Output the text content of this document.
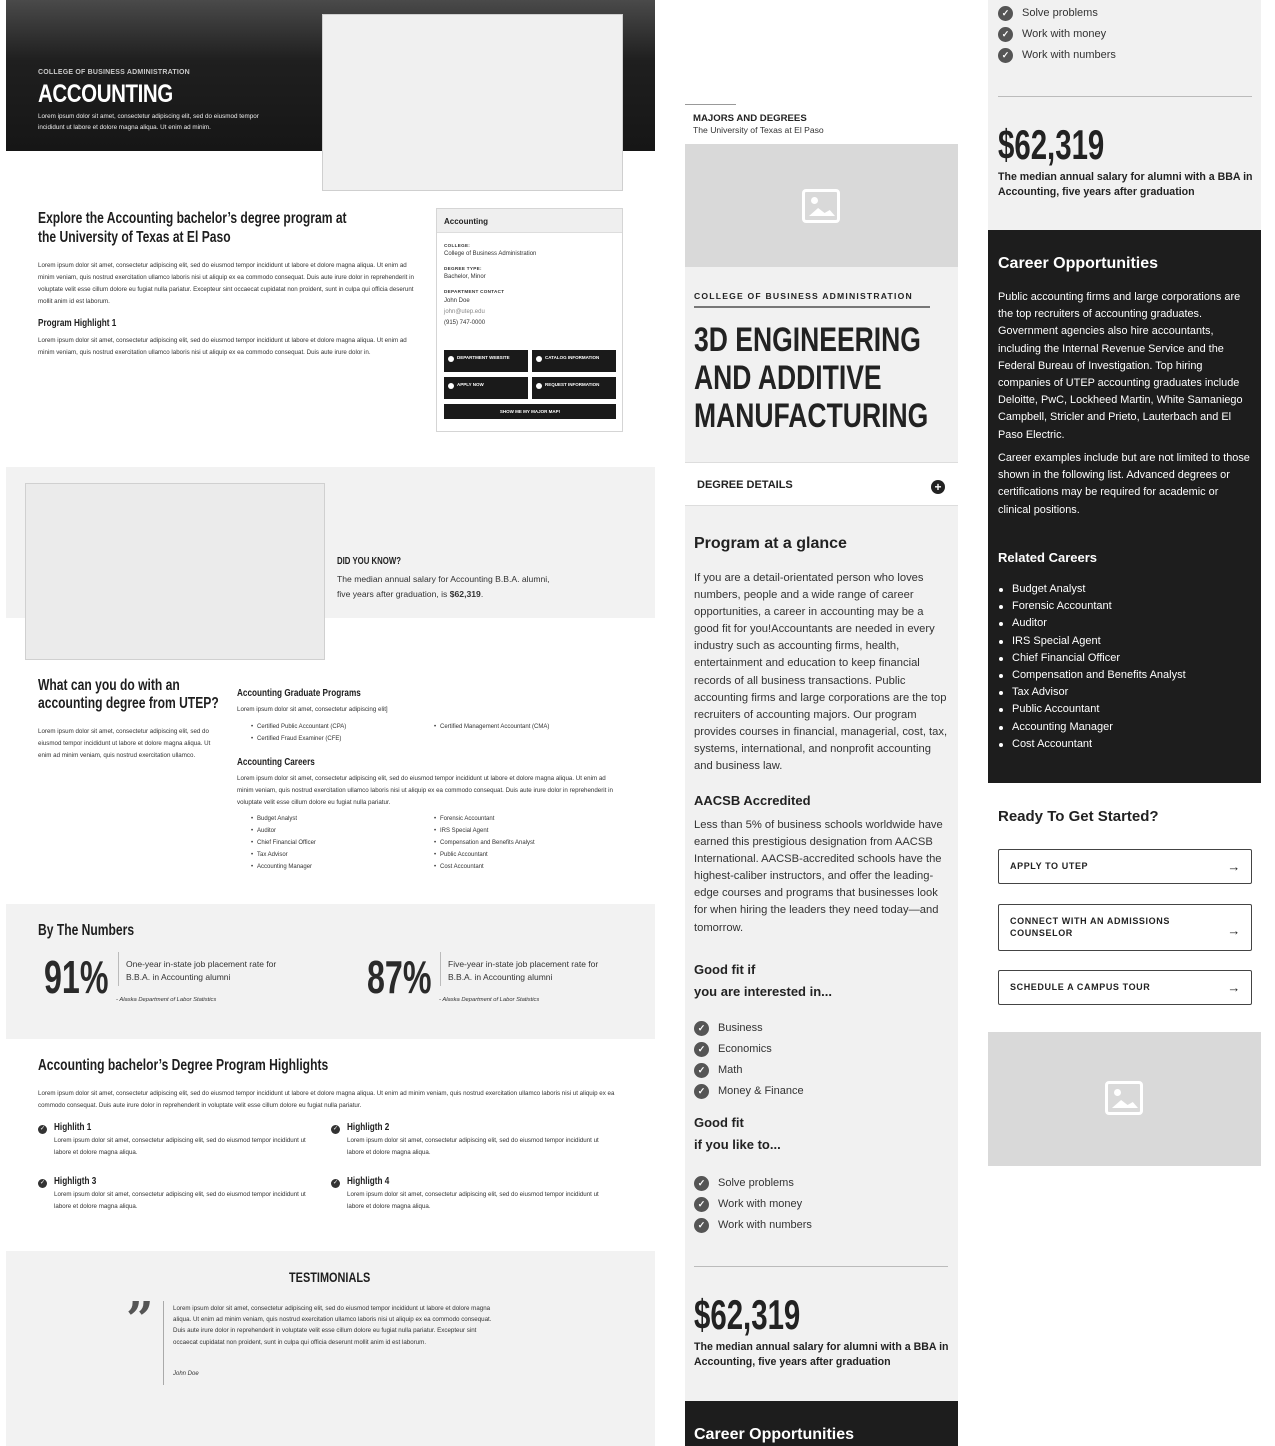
COLLEGE OF BUSINESS ADMINISTRATION
ACCOUNTING

Lorem ipsum dolor sit amet, consectetur adipiscing elit, sed do eiusmod tempor incididunt ut labore et dolore magna aliqua. Ut enim ad minim.

Explore the Accounting bachelor’s degree program at the University of Texas at El Paso

Lorem ipsum dolor sit amet, consectetur adipiscing elit, sed do eiusmod tempor incididunt ut labore et dolore magna aliqua. Ut enim ad minim veniam, quis nostrud exercitation ullamco laboris nisi ut aliquip ex ea commodo consequat. Duis aute irure dolor in reprehenderit in voluptate velit esse cillum dolore eu fugiat nulla pariatur. Excepteur sint occaecat cupidatat non proident, sunt in culpa qui officia deserunt mollit anim id est laborum.

Program Highlight 1

Lorem ipsum dolor sit amet, consectetur adipiscing elit, sed do eiusmod tempor incididunt ut labore et dolore magna aliqua. Ut enim ad minim veniam, quis nostrud exercitation ullamco laboris nisi ut aliquip ex ea commodo consequat. Duis aute irure dolor in.

Accounting
COLLEGE:
College of Business Administration
DEGREE TYPE:
Bachelor, Minor
DEPARTMENT CONTACT
John Doe
john@utep.edu
(915) 747-0000
DEPARTMENT WEBSITE	CATALOG INFORMATION
APPLY NOW	REQUEST INFORMATION
SHOW ME MY MAJOR MAP!
DID YOU KNOW?

The median annual salary for Accounting B.B.A. alumni,
five years after graduation, is $62,319.

What can you do with an accounting degree from UTEP?

Lorem ipsum dolor sit amet, consectetur adipiscing elit, sed do eiusmod tempor incididunt ut labore et dolore magna aliqua. Ut enim ad minim veniam, quis nostrud exercitation ullamco.

Accounting Graduate Programs

Lorem ipsum dolor sit amet, consectetur adipiscing elit]

• Certified Public Accountant (CPA)
• Certified Fraud Examiner (CFE)
• Certified Management Accountant (CMA)
Accounting Careers

Lorem ipsum dolor sit amet, consectetur adipiscing elit, sed do eiusmod tempor incididunt ut labore et dolore magna aliqua. Ut enim ad minim veniam, quis nostrud exercitation ullamco laboris nisi ut aliquip ex ea commodo consequat. Duis aute irure dolor in reprehenderit in voluptate velit esse cillum dolore eu fugiat nulla pariatur.

• Budget Analyst
• Auditor
• Chief Financial Officer
• Tax Advisor
• Accounting Manager
• Forensic Accountant
• IRS Special Agent
• Compensation and Benefits Analyst
• Public Accountant
• Cost Accountant
By The Numbers
91% One-year in-state job placement rate for B.B.A. in Accounting alumni

- Alaska Department of Labor Statistics	87% Five-year in-state job placement rate for B.B.A. in Accounting alumni

- Alaska Department of Labor Statistics
Accounting bachelor’s Degree Program Highlights

Lorem ipsum dolor sit amet, consectetur adipiscing elit, sed do eiusmod tempor incididunt ut labore et dolore magna aliqua. Ut enim ad minim veniam, quis nostrud exercitation ullamco laboris nisi ut aliquip ex ea commodo consequat. Duis aute irure dolor in reprehenderit in voluptate velit esse cillum dolore eu fugiat nulla pariatur.

✓ Highlith 1

Lorem ipsum dolor sit amet, consectetur adipiscing elit, sed do eiusmod tempor incididunt ut labore et dolore magna aliqua.

✓ Highligth 2

Lorem ipsum dolor sit amet, consectetur adipiscing elit, sed do eiusmod tempor incididunt ut labore et dolore magna aliqua.

✓ Highligth 3

Lorem ipsum dolor sit amet, consectetur adipiscing elit, sed do eiusmod tempor incididunt ut labore et dolore magna aliqua.

✓ Highligth 4

Lorem ipsum dolor sit amet, consectetur adipiscing elit, sed do eiusmod tempor incididunt ut labore et dolore magna aliqua.

TESTIMONIALS
”	Lorem ipsum dolor sit amet, consectetur adipiscing elit, sed do eiusmod tempor incididunt ut labore et dolore magna aliqua. Ut enim ad minim veniam, quis nostrud exercitation ullamco laboris nisi ut aliquip ex ea commodo consequat. Duis aute irure dolor in reprehenderit in voluptate velit esse cillum dolore eu fugiat nulla pariatur. Excepteur sint occaecat cupidatat non proident, sunt in culpa qui officia deserunt mollit anim id est laborum.

John Doe
MAJORS AND DEGREES
The University of Texas at El Paso
COLLEGE OF BUSINESS ADMINISTRATION
3D ENGINEERING
AND ADDITIVE
MANUFACTURING
DEGREE DETAILS	+
Program at a glance

If you are a detail-orientated person who loves numbers, people and a wide range of career opportunities, a career in accounting may be a good fit for you!Accountants are needed in every industry such as accounting firms, health, entertainment and education to keep financial records of all business transactions. Public accounting firms and large corporations are the top recruiters of accounting majors. Our program provides courses in financial, managerial, cost, tax, systems, international, and nonprofit accounting and business law.

AACSB Accredited

Less than 5% of business schools worldwide have earned this prestigious designation from AACSB International. AACSB-accredited schools have the highest-caliber instructors, and offer the leading-edge courses and programs that businesses look for when hiring the leaders they need today—and tomorrow.

Good fit if
you are interested in...
✓ Business
✓ Economics
✓ Math
✓ Money & Finance
Good fit
if you like to...
✓ Solve problems
✓ Work with money
✓ Work with numbers
$62,319

The median annual salary for alumni with a BBA in Accounting, five years after graduation

Career Opportunities
✓ Solve problems
✓ Work with money
✓ Work with numbers
$62,319

The median annual salary for alumni with a BBA in Accounting, five years after graduation

Career Opportunities

Public accounting firms and large corporations are the top recruiters of accounting graduates. Government agencies also hire accountants, including the Internal Revenue Service and the Federal Bureau of Investigation. Top hiring companies of UTEP accounting graduates include Deloitte, PwC, Lockheed Martin, White Samaniego Campbell, Stricler and Prieto, Lauterbach and El Paso Electric.

Career examples include but are not limited to those shown in the following list. Advanced degrees or certifications may be required for academic or clinical positions.

Related Careers
Budget Analyst
Forensic Accountant
Auditor
IRS Special Agent
Chief Financial Officer
Compensation and Benefits Analyst
Tax Advisor
Public Accountant
Accounting Manager
Cost Accountant
Ready To Get Started?
APPLY TO UTEP	→
CONNECT WITH AN ADMISSIONS COUNSELOR	→
SCHEDULE A CAMPUS TOUR	→
